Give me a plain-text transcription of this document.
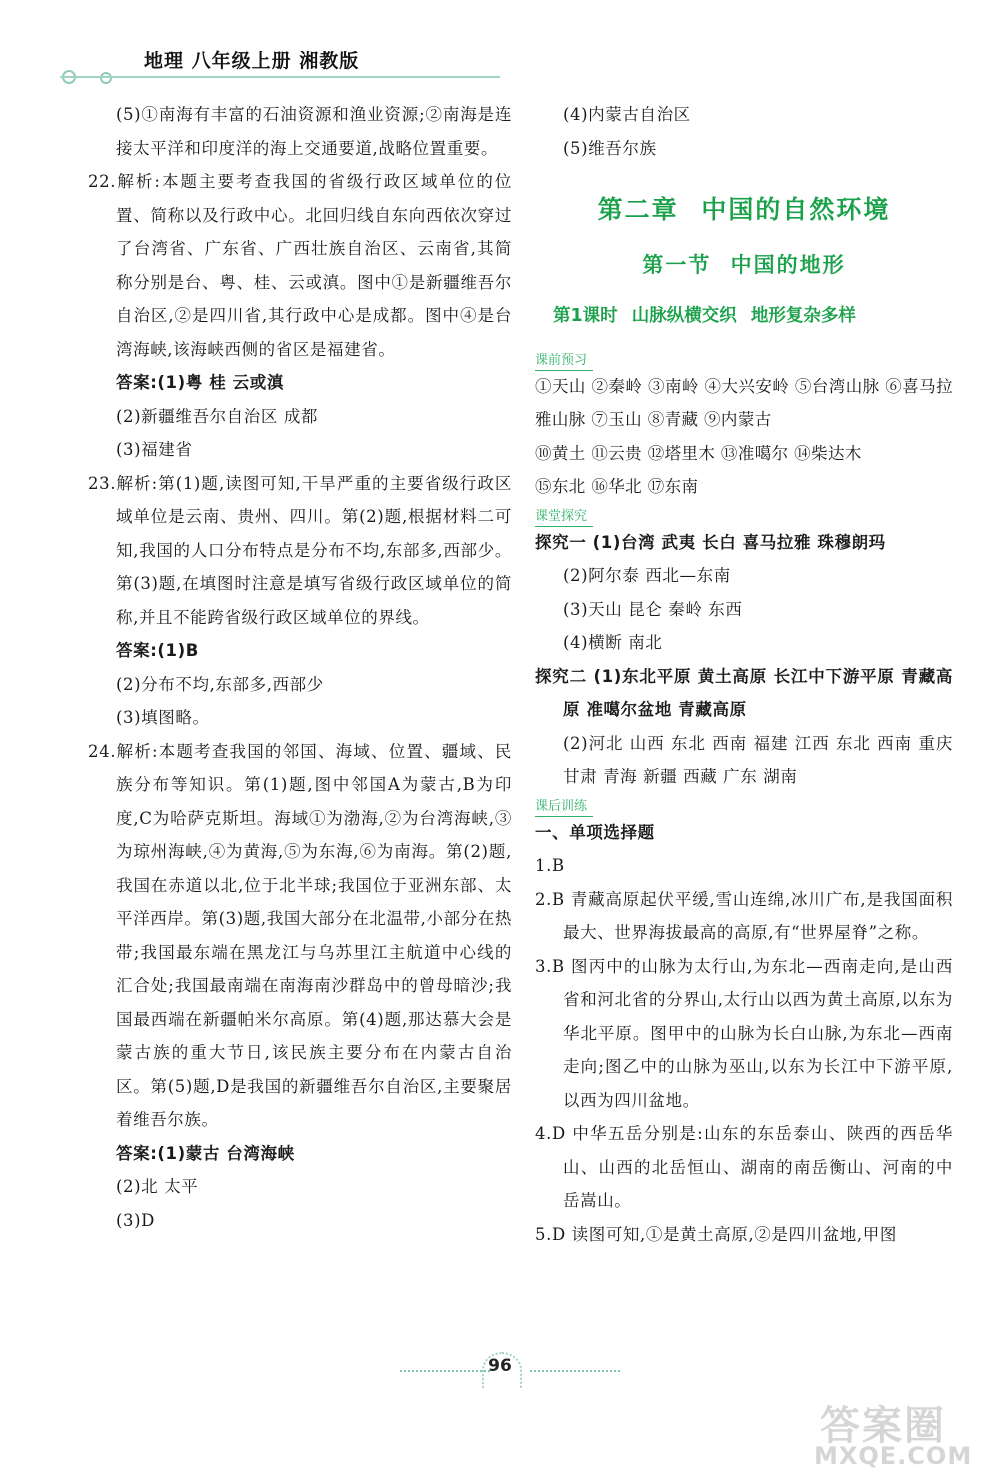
地理 八年级上册 湘教版

(5)①南海有丰富的石油资源和渔业资源;②南海是连接太平洋和印度洋的海上交通要道,战略位置重要。

22.解析:本题主要考查我国的省级行政区域单位的位置、简称以及行政中心。北回归线自东向西依次穿过了台湾省、广东省、广西壮族自治区、云南省,其简称分别是台、粤、桂、云或滇。图中①是新疆维吾尔自治区,②是四川省,其行政中心是成都。图中④是台湾海峡,该海峡西侧的省区是福建省。

答案:(1)粤 桂 云或滇

(2)新疆维吾尔自治区 成都

(3)福建省

23.解析:第(1)题,读图可知,干旱严重的主要省级行政区域单位是云南、贵州、四川。第(2)题,根据材料二可知,我国的人口分布特点是分布不均,东部多,西部少。第(3)题,在填图时注意是填写省级行政区域单位的简称,并且不能跨省级行政区域单位的界线。

答案:(1)B

(2)分布不均,东部多,西部少

(3)填图略。

24.解析:本题考查我国的邻国、海域、位置、疆域、民族分布等知识。第(1)题,图中邻国A为蒙古,B为印度,C为哈萨克斯坦。海域①为渤海,②为台湾海峡,③为琼州海峡,④为黄海,⑤为东海,⑥为南海。第(2)题,我国在赤道以北,位于北半球;我国位于亚洲东部、太平洋西岸。第(3)题,我国大部分在北温带,小部分在热带;我国最东端在黑龙江与乌苏里江主航道中心线的汇合处;我国最南端在南海南沙群岛中的曾母暗沙;我国最西端在新疆帕米尔高原。第(4)题,那达慕大会是蒙古族的重大节日,该民族主要分布在内蒙古自治区。第(5)题,D是我国的新疆维吾尔自治区,主要聚居着维吾尔族。

答案:(1)蒙古 台湾海峡

(2)北 太平

(3)D

(4)内蒙古自治区

(5)维吾尔族

第二章 中国的自然环境
第一节 中国的地形
第1课时 山脉纵横交织 地形复杂多样
课前预习

①天山 ②秦岭 ③南岭 ④大兴安岭 ⑤台湾山脉 ⑥喜马拉雅山脉 ⑦玉山 ⑧青藏 ⑨内蒙古

⑩黄土 ⑪云贵 ⑫塔里木 ⑬准噶尔 ⑭柴达木

⑮东北 ⑯华北 ⑰东南

课堂探究

探究一 (1)台湾 武夷 长白 喜马拉雅 珠穆朗玛

(2)阿尔泰 西北—东南

(3)天山 昆仑 秦岭 东西

(4)横断 南北

探究二 (1)东北平原 黄土高原 长江中下游平原 青藏高原 准噶尔盆地 青藏高原

(2)河北 山西 东北 西南 福建 江西 东北 西南 重庆 甘肃 青海 新疆 西藏 广东 湖南

课后训练

一、单项选择题

1.B

2.B 青藏高原起伏平缓,雪山连绵,冰川广布,是我国面积最大、世界海拔最高的高原,有“世界屋脊”之称。

3.B 图丙中的山脉为太行山,为东北—西南走向,是山西省和河北省的分界山,太行山以西为黄土高原,以东为华北平原。图甲中的山脉为长白山脉,为东北—西南走向;图乙中的山脉为巫山,以东为长江中下游平原,以西为四川盆地。

4.D 中华五岳分别是:山东的东岳泰山、陕西的西岳华山、山西的北岳恒山、湖南的南岳衡山、河南的中岳嵩山。

5.D 读图可知,①是黄土高原,②是四川盆地,甲图

96
答案圈
MXQE.COM
